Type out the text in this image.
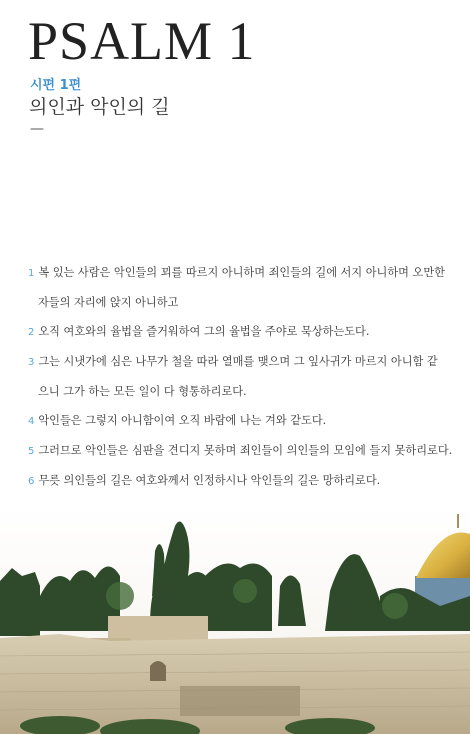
PSALM 1
시편 1편
의인과 악인의 길
—

1 복 있는 사람은 악인들의 꾀를 따르지 아니하며 죄인들의 길에 서지 아니하며 오만한
자들의 자리에 앉지 아니하고

2 오직 여호와의 율법을 즐거워하여 그의 율법을 주야로 묵상하는도다.

3 그는 시냇가에 심은 나무가 철을 따라 열매를 맺으며 그 잎사귀가 마르지 아니함 같
으니 그가 하는 모든 일이 다 형통하리로다.

4 악인들은 그렇지 아니함이여 오직 바람에 나는 겨와 같도다.

5 그러므로 악인들은 심판을 견디지 못하며 죄인들이 의인들의 모임에 들지 못하리로다.

6 무릇 의인들의 길은 여호와께서 인정하시나 악인들의 길은 망하리로다.
